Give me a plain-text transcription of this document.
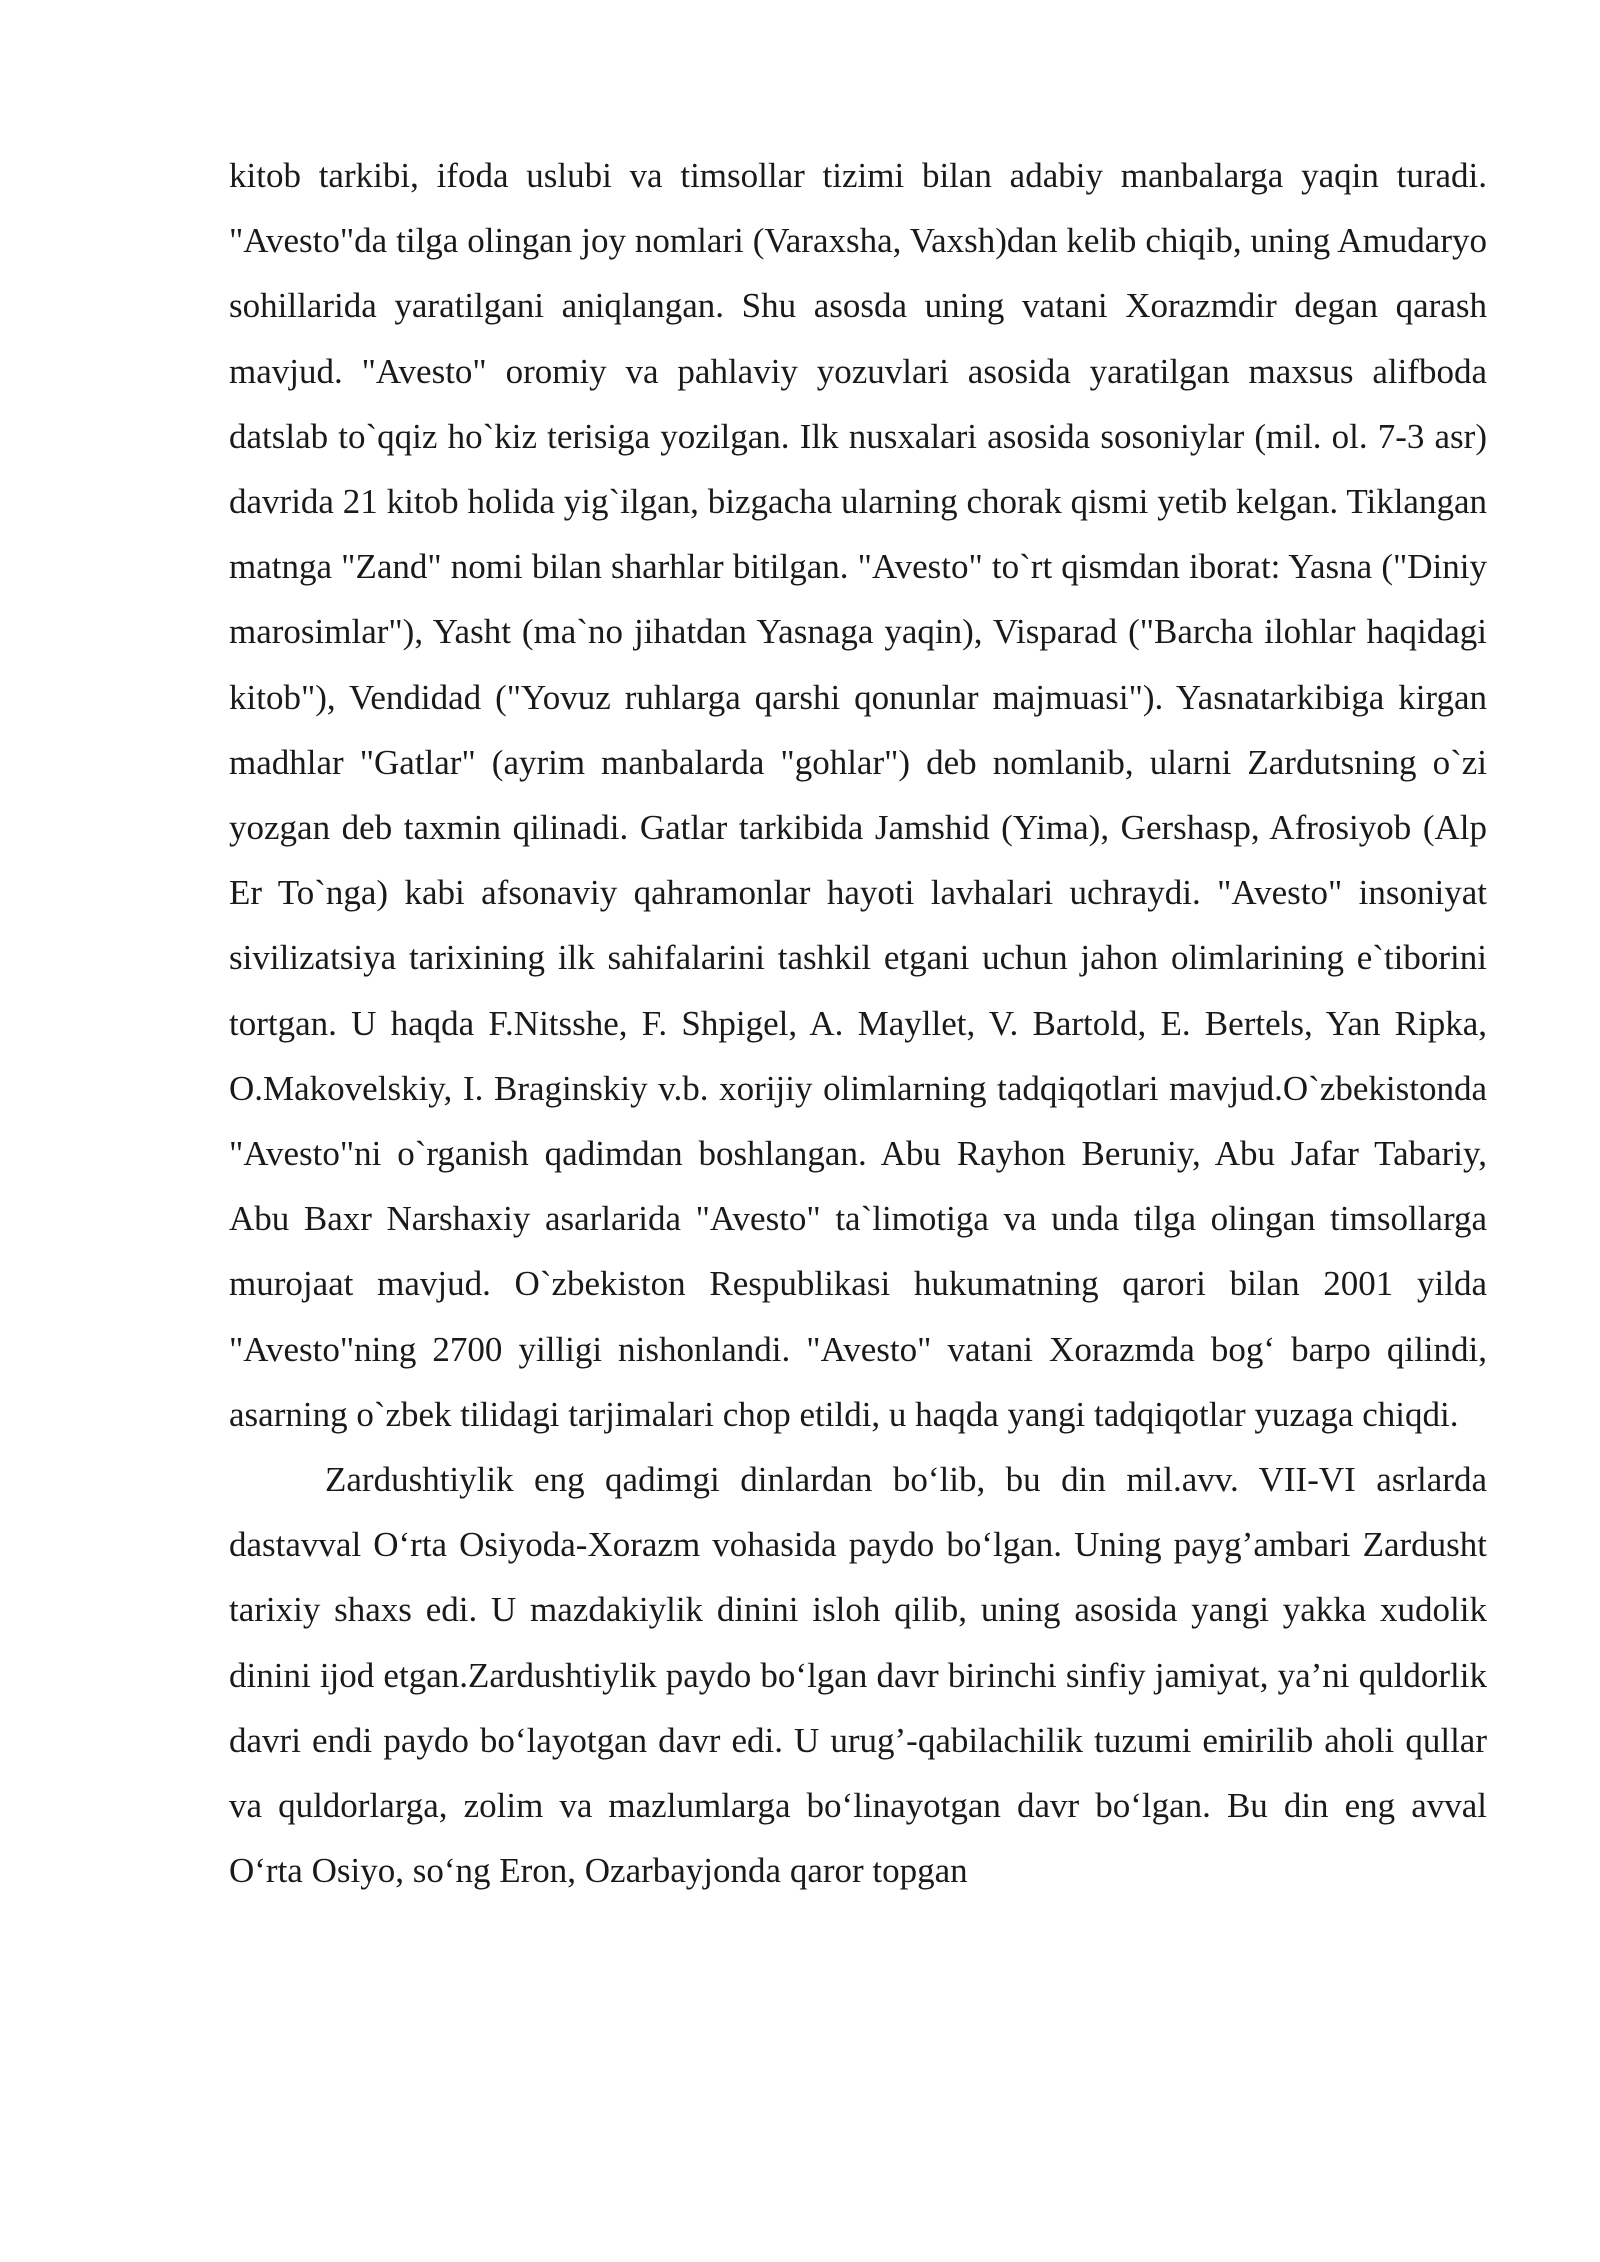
kitob tarkibi, ifoda uslubi va timsollar tizimi bilan adabiy manbalarga yaqin turadi. "Avesto"da tilga olingan joy nomlari (Varaxsha, Vaxsh)dan kelib chiqib, uning Amudaryo sohillarida yaratilgani aniqlangan. Shu asosda uning vatani Xorazmdir degan qarash mavjud. "Avesto" oromiy va pahlaviy yozuvlari asosida yaratilgan maxsus alifboda datslab to`qqiz ho`kiz terisiga yozilgan. Ilk nusxalari asosida sosoniylar (mil. ol. 7-3 asr) davrida 21 kitob holida yig`ilgan, bizgacha ularning chorak qismi yetib kelgan. Tiklangan matnga "Zand" nomi bilan sharhlar bitilgan. "Avesto" to`rt qismdan iborat: Yasna ("Diniy marosimlar"), Yasht (ma`no jihatdan Yasnaga yaqin), Visparad ("Barcha ilohlar haqidagi kitob"), Vendidad ("Yovuz ruhlarga qarshi qonunlar majmuasi"). Yasnatarkibiga kirgan madhlar "Gatlar" (ayrim manbalarda "gohlar") deb nomlanib, ularni Zardutsning o`zi yozgan deb taxmin qilinadi. Gatlar tarkibida Jamshid (Yima), Gershasp, Afrosiyob (Alp Er To`nga) kabi afsonaviy qahramonlar hayoti lavhalari uchraydi. "Avesto" insoniyat sivilizatsiya tarixining ilk sahifalarini tashkil etgani uchun jahon olimlarining e`tiborini tortgan. U haqda F.Nitsshe, F. Shpigel, A. Mayllet, V. Bartold, E. Bertels, Yan Ripka, O.Makovelskiy, I. Braginskiy v.b. xorijiy olimlarning tadqiqotlari mavjud.O`zbekistonda "Avesto"ni o`rganish qadimdan boshlangan. Abu Rayhon Beruniy, Abu Jafar Tabariy, Abu Baxr Narshaxiy asarlarida "Avesto" ta`limotiga va unda tilga olingan timsollarga murojaat mavjud. O`zbekiston Respublikasi hukumatning qarori bilan 2001 yilda "Avesto"ning 2700 yilligi nishonlandi. "Avesto" vatani Xorazmda bog‘ barpo qilindi, asarning o`zbek tilidagi tarjimalari chop etildi, u haqda yangi tadqiqotlar yuzaga chiqdi.

Zardushtiylik eng qadimgi dinlardan bo‘lib, bu din mil.avv. VII-VI asrlarda dastavval O‘rta Osiyoda-Xorazm vohasida paydo bo‘lgan. Uning payg’ambari Zardusht tarixiy shaxs edi. U mazdakiylik dinini isloh qilib, uning asosida yangi yakka xudolik dinini ijod etgan.Zardushtiylik paydo bo‘lgan davr birinchi sinfiy jamiyat, ya’ni quldorlik davri endi paydo bo‘layotgan davr edi. U urug’-qabilachilik tuzumi emirilib aholi qullar va quldorlarga, zolim va mazlumlarga bo‘linayotgan davr bo‘lgan. Bu din eng avval O‘rta Osiyo, so‘ng Eron, Ozarbayjonda qaror topgan
